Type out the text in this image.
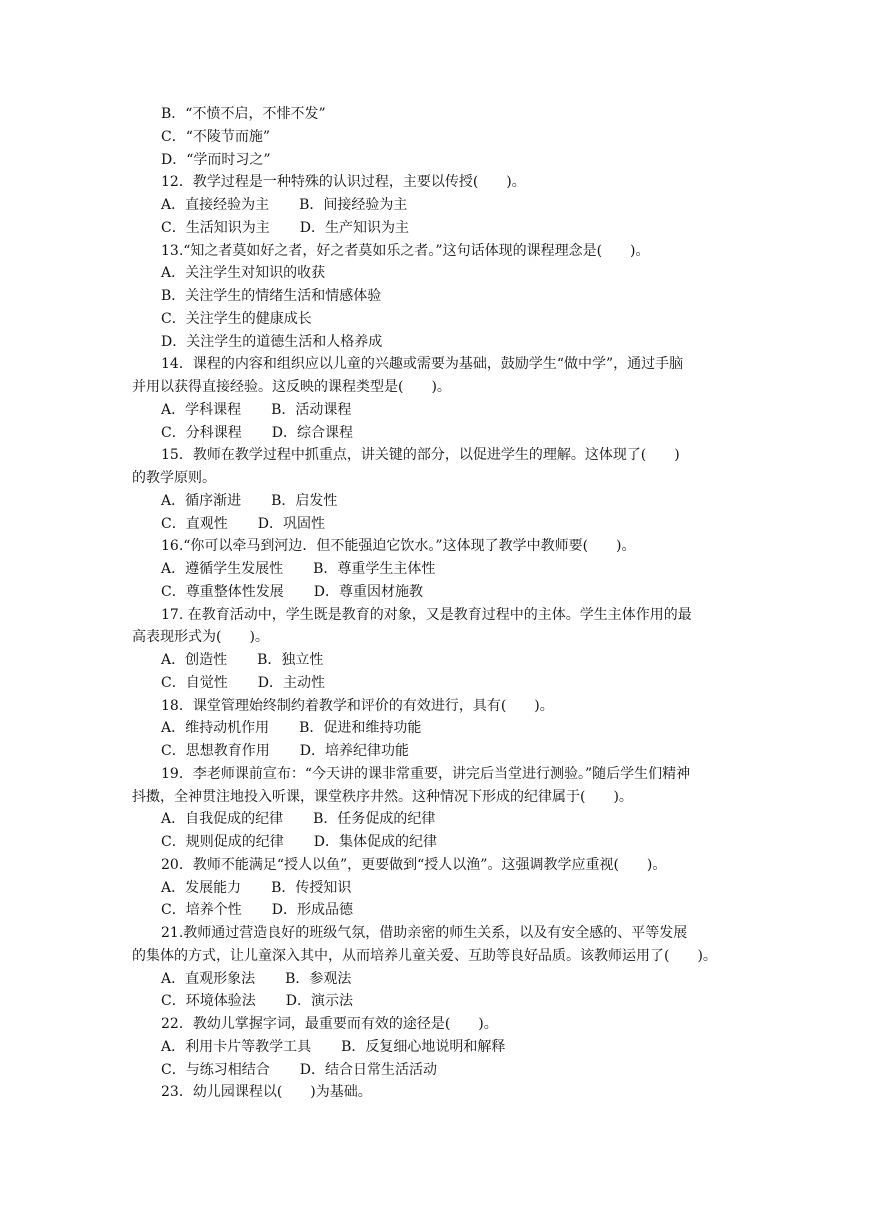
B．“不愤不启，不悱不发”
C．“不陵节而施”
D．“学而时习之”
12．教学过程是一种特殊的认识过程，主要以传授(　　)。
A．直接经验为主 B．间接经验为主
C．生活知识为主 D．生产知识为主
13.“知之者莫如好之者，好之者莫如乐之者。”这句话体现的课程理念是(　　)。
A．关注学生对知识的收获
B．关注学生的情绪生活和情感体验
C．关注学生的健康成长
D．关注学生的道德生活和人格养成
14．课程的内容和组织应以儿童的兴趣或需要为基础，鼓励学生“做中学”，通过手脑
并用以获得直接经验。这反映的课程类型是(　　)。
A．学科课程 B．活动课程
C．分科课程 D．综合课程
15．教师在教学过程中抓重点，讲关键的部分，以促进学生的理解。这体现了(　　)
的教学原则。
A．循序渐进 B．启发性
C．直观性 D．巩固性
16.“你可以牵马到河边．但不能强迫它饮水。”这体现了教学中教师要(　　)。
A．遵循学生发展性 B．尊重学生主体性
C．尊重整体性发展 D．尊重因材施教
17. 在教育活动中，学生既是教育的对象，又是教育过程中的主体。学生主体作用的最
高表现形式为(　　)。
A．创造性 B．独立性
C．自觉性 D．主动性
18．课堂管理始终制约着教学和评价的有效进行，具有(　　)。
A．维持动机作用 B．促进和维持功能
C．思想教育作用 D．培养纪律功能
19．李老师课前宣布：“今天讲的课非常重要，讲完后当堂进行测验。”随后学生们精神
抖擞，全神贯注地投入听课，课堂秩序井然。这种情况下形成的纪律属于(　　)。
A．自我促成的纪律 B．任务促成的纪律
C．规则促成的纪律 D．集体促成的纪律
20．教师不能满足“授人以鱼”，更要做到“授人以渔”。这强调教学应重视(　　)。
A．发展能力 B．传授知识
C．培养个性 D．形成品德
21.教师通过营造良好的班级气氛，借助亲密的师生关系，以及有安全感的、平等发展
的集体的方式，让儿童深入其中，从而培养儿童关爱、互助等良好品质。该教师运用了(　　)。
A．直观形象法 B．参观法
C．环境体验法 D．演示法
22．教幼儿掌握字词，最重要而有效的途径是(　　)。
A．利用卡片等教学工具 B．反复细心地说明和解释
C．与练习相结合 D．结合日常生活活动
23．幼儿园课程以(　　)为基础。
